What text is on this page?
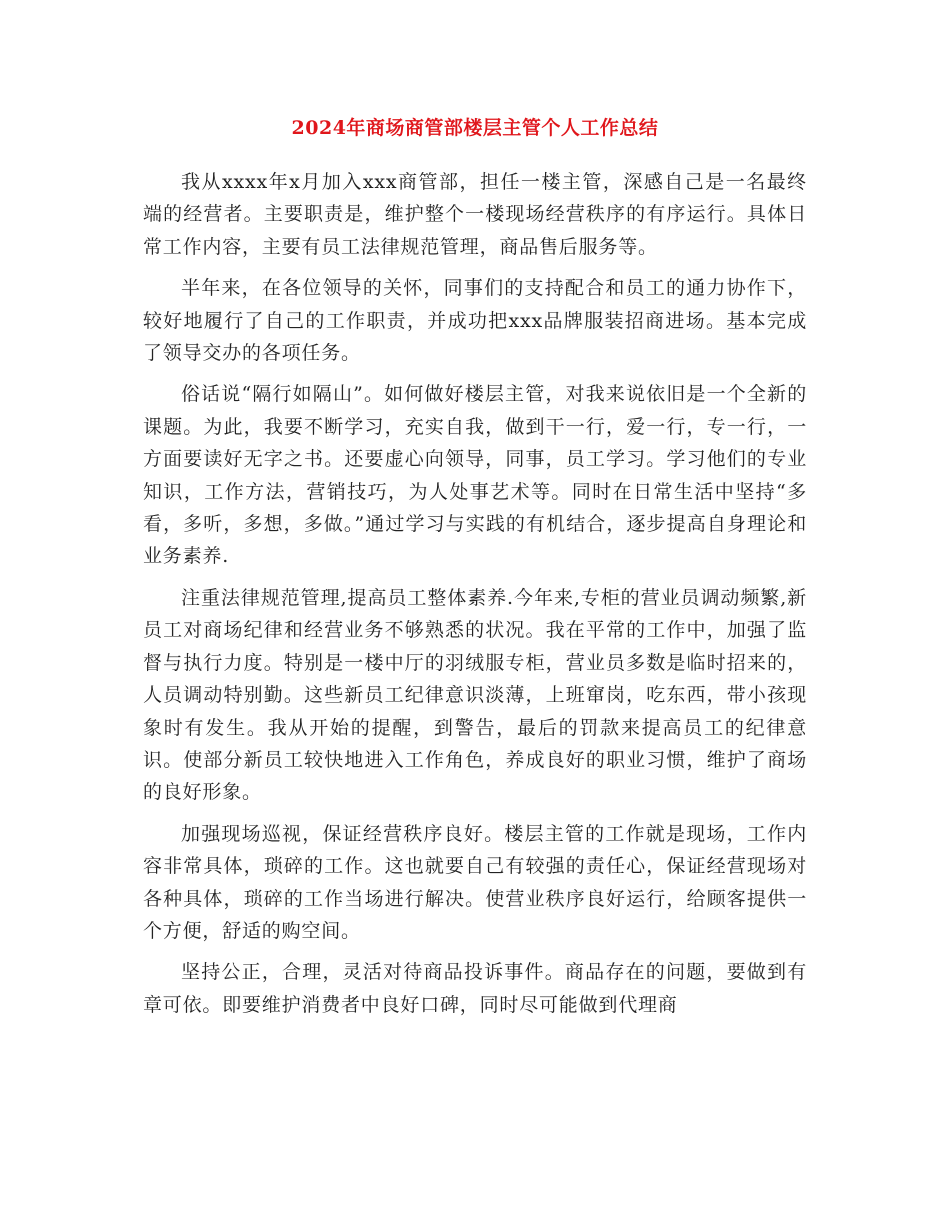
2024年商场商管部楼层主管个人工作总结

我从xxxx年x月加入xxx商管部，担任一楼主管，深感自己是一名最终端的经营者。主要职责是，维护整个一楼现场经营秩序的有序运行。具体日常工作内容，主要有员工法律规范管理，商品售后服务等。

半年来，在各位领导的关怀，同事们的支持配合和员工的通力协作下，较好地履行了自己的工作职责，并成功把xxx品牌服装招商进场。基本完成了领导交办的各项任务。

俗话说“隔行如隔山”。如何做好楼层主管，对我来说依旧是一个全新的课题。为此，我要不断学习，充实自我，做到干一行，爱一行，专一行，一方面要读好无字之书。还要虚心向领导，同事，员工学习。学习他们的专业知识，工作方法，营销技巧，为人处事艺术等。同时在日常生活中坚持“多看，多听，多想，多做。”通过学习与实践的有机结合，逐步提高自身理论和业务素养.

注重法律规范管理,提高员工整体素养.今年来,专柜的营业员调动频繁,新员工对商场纪律和经营业务不够熟悉的状况。我在平常的工作中，加强了监督与执行力度。特别是一楼中厅的羽绒服专柜，营业员多数是临时招来的，人员调动特别勤。这些新员工纪律意识淡薄，上班窜岗，吃东西，带小孩现象时有发生。我从开始的提醒，到警告，最后的罚款来提高员工的纪律意识。使部分新员工较快地进入工作角色，养成良好的职业习惯，维护了商场的良好形象。

加强现场巡视，保证经营秩序良好。楼层主管的工作就是现场，工作内容非常具体，琐碎的工作。这也就要自己有较强的责任心，保证经营现场对各种具体，琐碎的工作当场进行解决。使营业秩序良好运行，给顾客提供一个方便，舒适的购空间。

坚持公正，合理，灵活对待商品投诉事件。商品存在的问题，要做到有章可依。即要维护消费者中良好口碑，同时尽可能做到代理商
